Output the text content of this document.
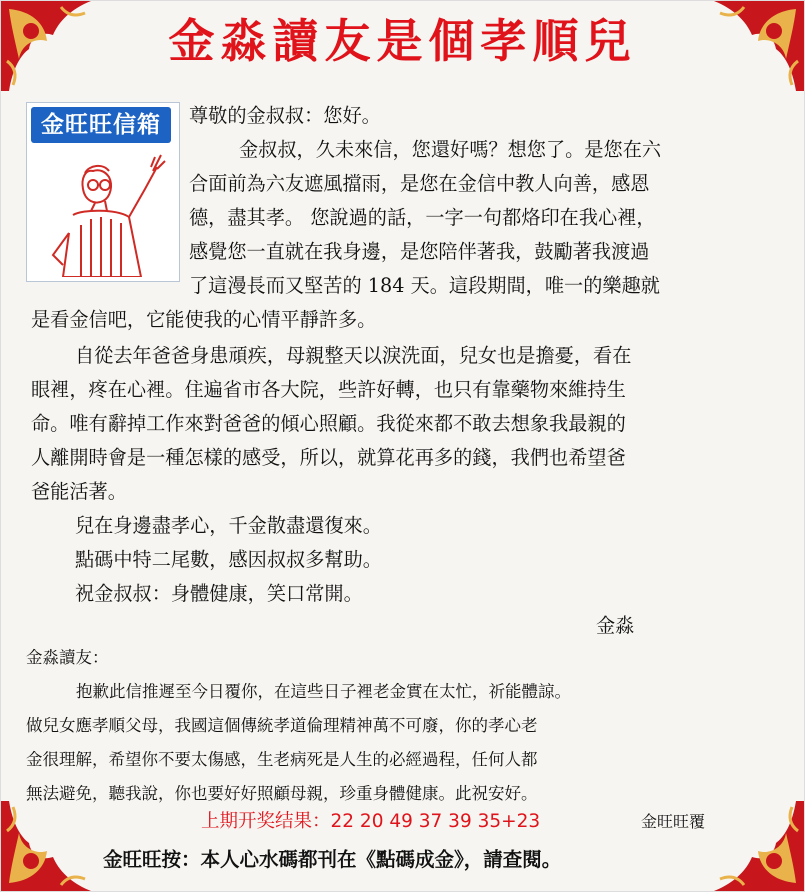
金淼讀友是個孝順兒
金旺旺信箱	尊敬的金叔叔：您好。
金叔叔，久未來信，您還好嗎？想您了。是您在六
合面前為六友遮風擋雨，是您在金信中教人向善，感恩
德，盡其孝。 您說過的話，一字一句都烙印在我心裡，
感覺您一直就在我身邊，是您陪伴著我，鼓勵著我渡過
了這漫長而又堅苦的 184 天。這段期間，唯一的樂趣就
是看金信吧，它能使我的心情平靜許多。
自從去年爸爸身患頑疾，母親整天以淚洗面，兒女也是擔憂，看在
眼裡，疼在心裡。住遍省市各大院，些許好轉，也只有靠藥物來維持生
命。唯有辭掉工作來對爸爸的傾心照顧。我從來都不敢去想象我最親的
人離開時會是一種怎樣的感受，所以，就算花再多的錢，我們也希望爸
爸能活著。
兒在身邊盡孝心，千金散盡還復來。
點碼中特二尾數，感因叔叔多幫助。
祝金叔叔：身體健康，笑口常開。
金淼
金淼讀友：
抱歉此信推遲至今日覆你，在這些日子裡老金實在太忙，祈能體諒。
做兒女應孝順父母，我國這個傳統孝道倫理精神萬不可廢，你的孝心老
金很理解，希望你不要太傷感，生老病死是人生的必經過程，任何人都
無法避免，聽我說，你也要好好照顧母親，珍重身體健康。此祝安好。
上期开奖结果：22 20 49 37 39 35+23	金旺旺覆
金旺旺按：本人心水碼都刊在《點碼成金》，請查閱。
